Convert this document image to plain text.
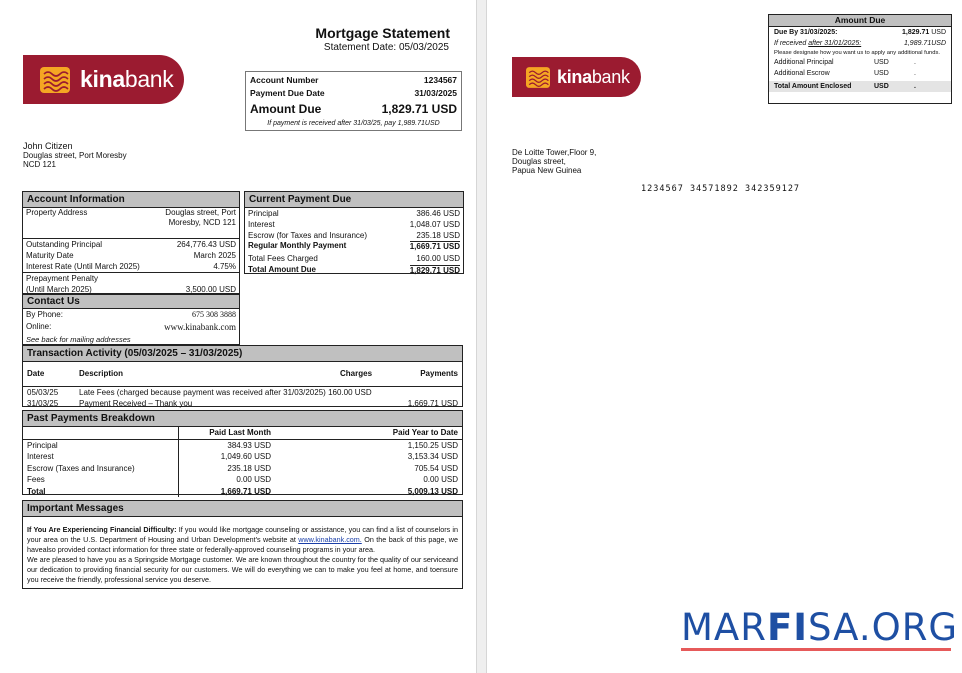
Mortgage Statement
Statement Date: 05/03/2025
kinabank	Account Number	1234567
Payment Due Date	31/03/2025
Amount Due	1,829.71 USD
If payment is received after 31/03/25, pay 1,989.71USD
John Citizen
Douglas street, Port Moresby
NCD 121
Account Information
Property Address	Douglas street, Port
Moresby, NCD 121
Outstanding Principal	264,776.43 USD
Maturity Date	March 2025
Interest Rate (Until March 2025)	4.75%
Prepayment Penalty
(Until March 2025)	3,500.00 USD
Contact Us
By Phone:	675 308 3888
Online:	www.kinabank.com
See back for mailing addresses
Current Payment Due
Principal	386.46 USD
Interest	1,048.07 USD
Escrow (for Taxes and Insurance)	235.18 USD
Regular Monthly Payment	1,669.71 USD
Total Fees Charged	160.00 USD
Total Amount Due	1,829.71 USD
Transaction Activity (05/03/2025 – 31/03/2025)
Date	Description	Charges	Payments
05/03/25	Late Fees (charged because payment was received after 31/03/2025) 160.00 USD		
31/03/25	Payment Received – Thank you		1,669.71 USD
Past Payments Breakdown
	Paid Last Month	Paid Year to Date
Principal	384.93 USD	1,150.25 USD
Interest	1,049.60 USD	3,153.34 USD
Escrow (Taxes and Insurance)	235.18 USD	705.54 USD
Fees	0.00 USD	0.00 USD
Total	1,669.71 USD	5,009.13 USD
Important Messages
If You Are Experiencing Financial Difficulty: If you would like mortgage counseling or assistance, you can find a list of counselors in your area on the U.S. Department of Housing and Urban Development's website at www.kinabank.com. On the back of this page, we havealso provided contact information for three state or federally-approved counseling programs in your area.
We are pleased to have you as a Springside Mortgage customer. We are known throughout the country for the quality of our serviceand our dedication to providing financial security for our customers. We will do everything we can to make you feel at home, and toensure you receive the friendly, professional service you deserve.
Amount Due
Due By 31/03/2025:	1,829.71 USD
If received after 31/01/2025:	1,989.71USD
Please designate how you want us to apply any additional funds.
Additional Principal	USD	.
Additional Escrow	USD	.
Total Amount Enclosed	USD	.
kinabank
De Loitte Tower,Floor 9,
Douglas street,
Papua New Guinea
1234567 34571892 342359127
MARFISA.ORG
